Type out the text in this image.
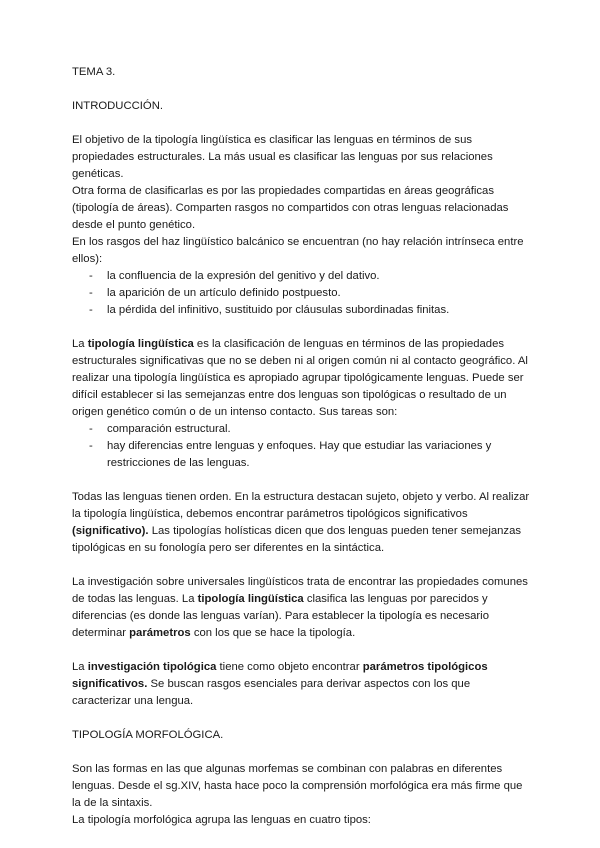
TEMA 3.

INTRODUCCIÓN.

El objetivo de la tipología lingüística es clasificar las lenguas en términos de sus propiedades estructurales. La más usual es clasificar las lenguas por sus relaciones genéticas.

Otra forma de clasificarlas es por las propiedades compartidas en áreas geográficas (tipología de áreas). Comparten rasgos no compartidos con otras lenguas relacionadas desde el punto genético.

En los rasgos del haz lingüístico balcánico se encuentran (no hay relación intrínseca entre ellos):

- la confluencia de la expresión del genitivo y del dativo.
- la aparición de un artículo definido postpuesto.
- la pérdida del infinitivo, sustituido por cláusulas subordinadas finitas.

La tipología lingüística es la clasificación de lenguas en términos de las propiedades estructurales significativas que no se deben ni al origen común ni al contacto geográfico. Al realizar una tipología lingüística es apropiado agrupar tipológicamente lenguas. Puede ser difícil establecer si las semejanzas entre dos lenguas son tipológicas o resultado de un origen genético común o de un intenso contacto. Sus tareas son:

- comparación estructural.
- hay diferencias entre lenguas y enfoques. Hay que estudiar las variaciones y restricciones de las lenguas.

Todas las lenguas tienen orden. En la estructura destacan sujeto, objeto y verbo. Al realizar la tipología lingüística, debemos encontrar parámetros tipológicos significativos (significativo). Las tipologías holísticas dicen que dos lenguas pueden tener semejanzas tipológicas en su fonología pero ser diferentes en la sintáctica.

La investigación sobre universales lingüísticos trata de encontrar las propiedades comunes de todas las lenguas. La tipología lingüística clasifica las lenguas por parecidos y diferencias (es donde las lenguas varían). Para establecer la tipología es necesario determinar parámetros con los que se hace la tipología.

La investigación tipológica tiene como objeto encontrar parámetros tipológicos significativos. Se buscan rasgos esenciales para derivar aspectos con los que caracterizar una lengua.

TIPOLOGÍA MORFOLÓGICA.

Son las formas en las que algunas morfemas se combinan con palabras en diferentes lenguas. Desde el sg.XIV, hasta hace poco la comprensión morfológica era más firme que la de la sintaxis.

La tipología morfológica agrupa las lenguas en cuatro tipos:
